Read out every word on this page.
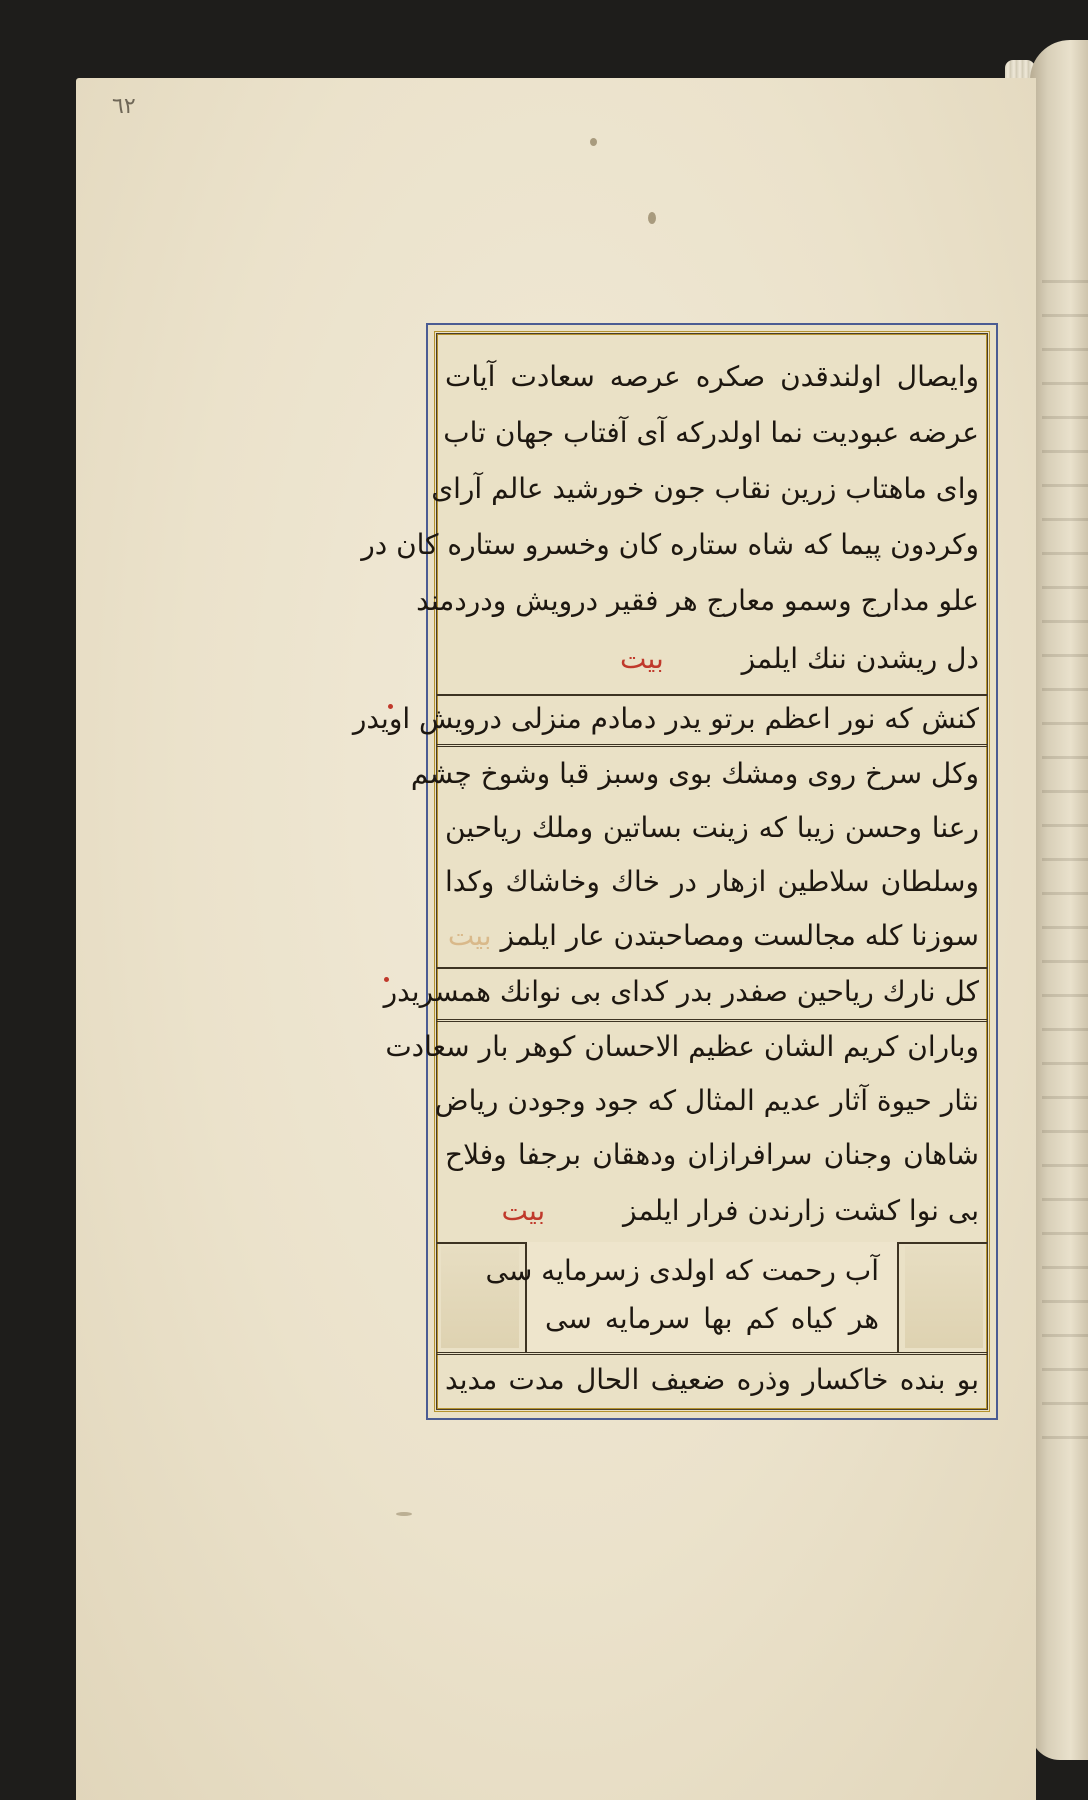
٦٢
وايصال اولندقدن صكره عرصه سعادت آيات
عرضه عبوديت نما اولدركه آى آفتاب جهان تاب
واى ماهتاب زرين نقاب جون خورشيد عالم آراى
وكردون پيما كه شاه ستاره كان وخسرو ستاره كان در
علو مدارج وسمو معارج هر فقير درويش ودردمند
دل ريشدن ننك ايلمز  بيت
كنش كه نور اعظم برتو يدر دمادم منزلى درويش اويدر
وكل سرخ روى ومشك بوى وسبز قبا وشوخ چشم
رعنا وحسن زيبا كه زينت بساتين وملك رياحين
وسلطان سلاطين ازهار در خاك وخاشاك وكدا
سوزنا كله مجالست ومصاحبتدن عار ايلمز بيت
كل نارك رياحين صفدر بدر كداى بى نوانك همسريدر
وباران كريم الشان عظيم الاحسان كوهر بار سعادت
نثار حيوة آثار عديم المثال كه جود وجودن رياض
شاهان وجنان سرافرازان ودهقان برجفا وفلاح
بى نوا كشت زارندن فرار ايلمز  بيت
آب رحمت كه اولدى زسرمايه سى
هر كياه كم بها سرمايه سى
بو بنده خاكسار وذره ضعيف الحال مدت مديد
